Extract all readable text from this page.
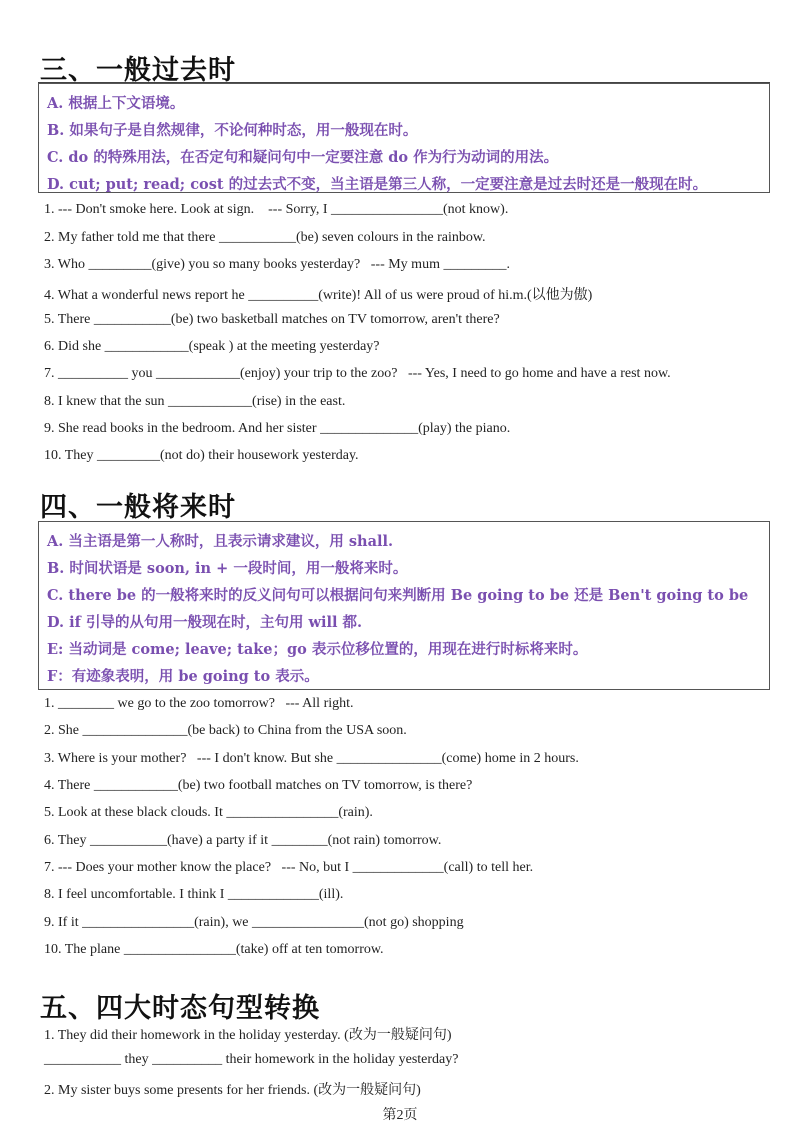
三、一般过去时
A. 根据上下文语境。
B. 如果句子是自然规律，不论何种时态，用一般现在时。
C. do 的特殊用法，在否定句和疑问句中一定要注意 do 作为行为动词的用法。
D. cut; put; read; cost 的过去式不变，当主语是第三人称，一定要注意是过去时还是一般现在时。
1. --- Don't smoke here. Look at sign.    --- Sorry, I ________________(not know).
2. My father told me that there ___________(be) seven colours in the rainbow.
3. Who _________(give) you so many books yesterday?   --- My mum _________.
4. What a wonderful news report he __________(write)! All of us were proud of hi.m.(以他为傲)
5. There ___________(be) two basketball matches on TV tomorrow, aren't there?
6. Did she ____________(speak ) at the meeting yesterday?
7. __________ you ____________(enjoy) your trip to the zoo?   --- Yes, I need to go home and have a rest now.
8. I knew that the sun ____________(rise) in the east.
9. She read books in the bedroom. And her sister ______________(play) the piano.
10. They _________(not do) their housework yesterday.
四、一般将来时
A. 当主语是第一人称时，且表示请求建议，用 shall.
B. 时间状语是 soon, in + 一段时间，用一般将来时。
C. there be 的一般将来时的反义问句可以根据问句来判断用 Be going to be 还是 Ben't going to be
D. if 引导的从句用一般现在时，主句用 will 都.
E: 当动词是 come; leave; take；go 表示位移位置的，用现在进行时标将来时。
F：有迹象表明，用 be going to 表示。
1. ________ we go to the zoo tomorrow?   --- All right.
2. She _______________(be back) to China from the USA soon.
3. Where is your mother?   --- I don't know. But she _______________(come) home in 2 hours.
4. There ____________(be) two football matches on TV tomorrow, is there?
5. Look at these black clouds. It ________________(rain).
6. They ___________(have) a party if it ________(not rain) tomorrow.
7. --- Does your mother know the place?   --- No, but I _____________(call) to tell her.
8. I feel uncomfortable. I think I _____________(ill).
9. If it ________________(rain), we ________________(not go) shopping
10. The plane ________________(take) off at ten tomorrow.
五、四大时态句型转换
1. They did their homework in the holiday yesterday. (改为一般疑问句)
___________ they __________ their homework in the holiday yesterday?
2. My sister buys some presents for her friends. (改为一般疑问句)
第2页
